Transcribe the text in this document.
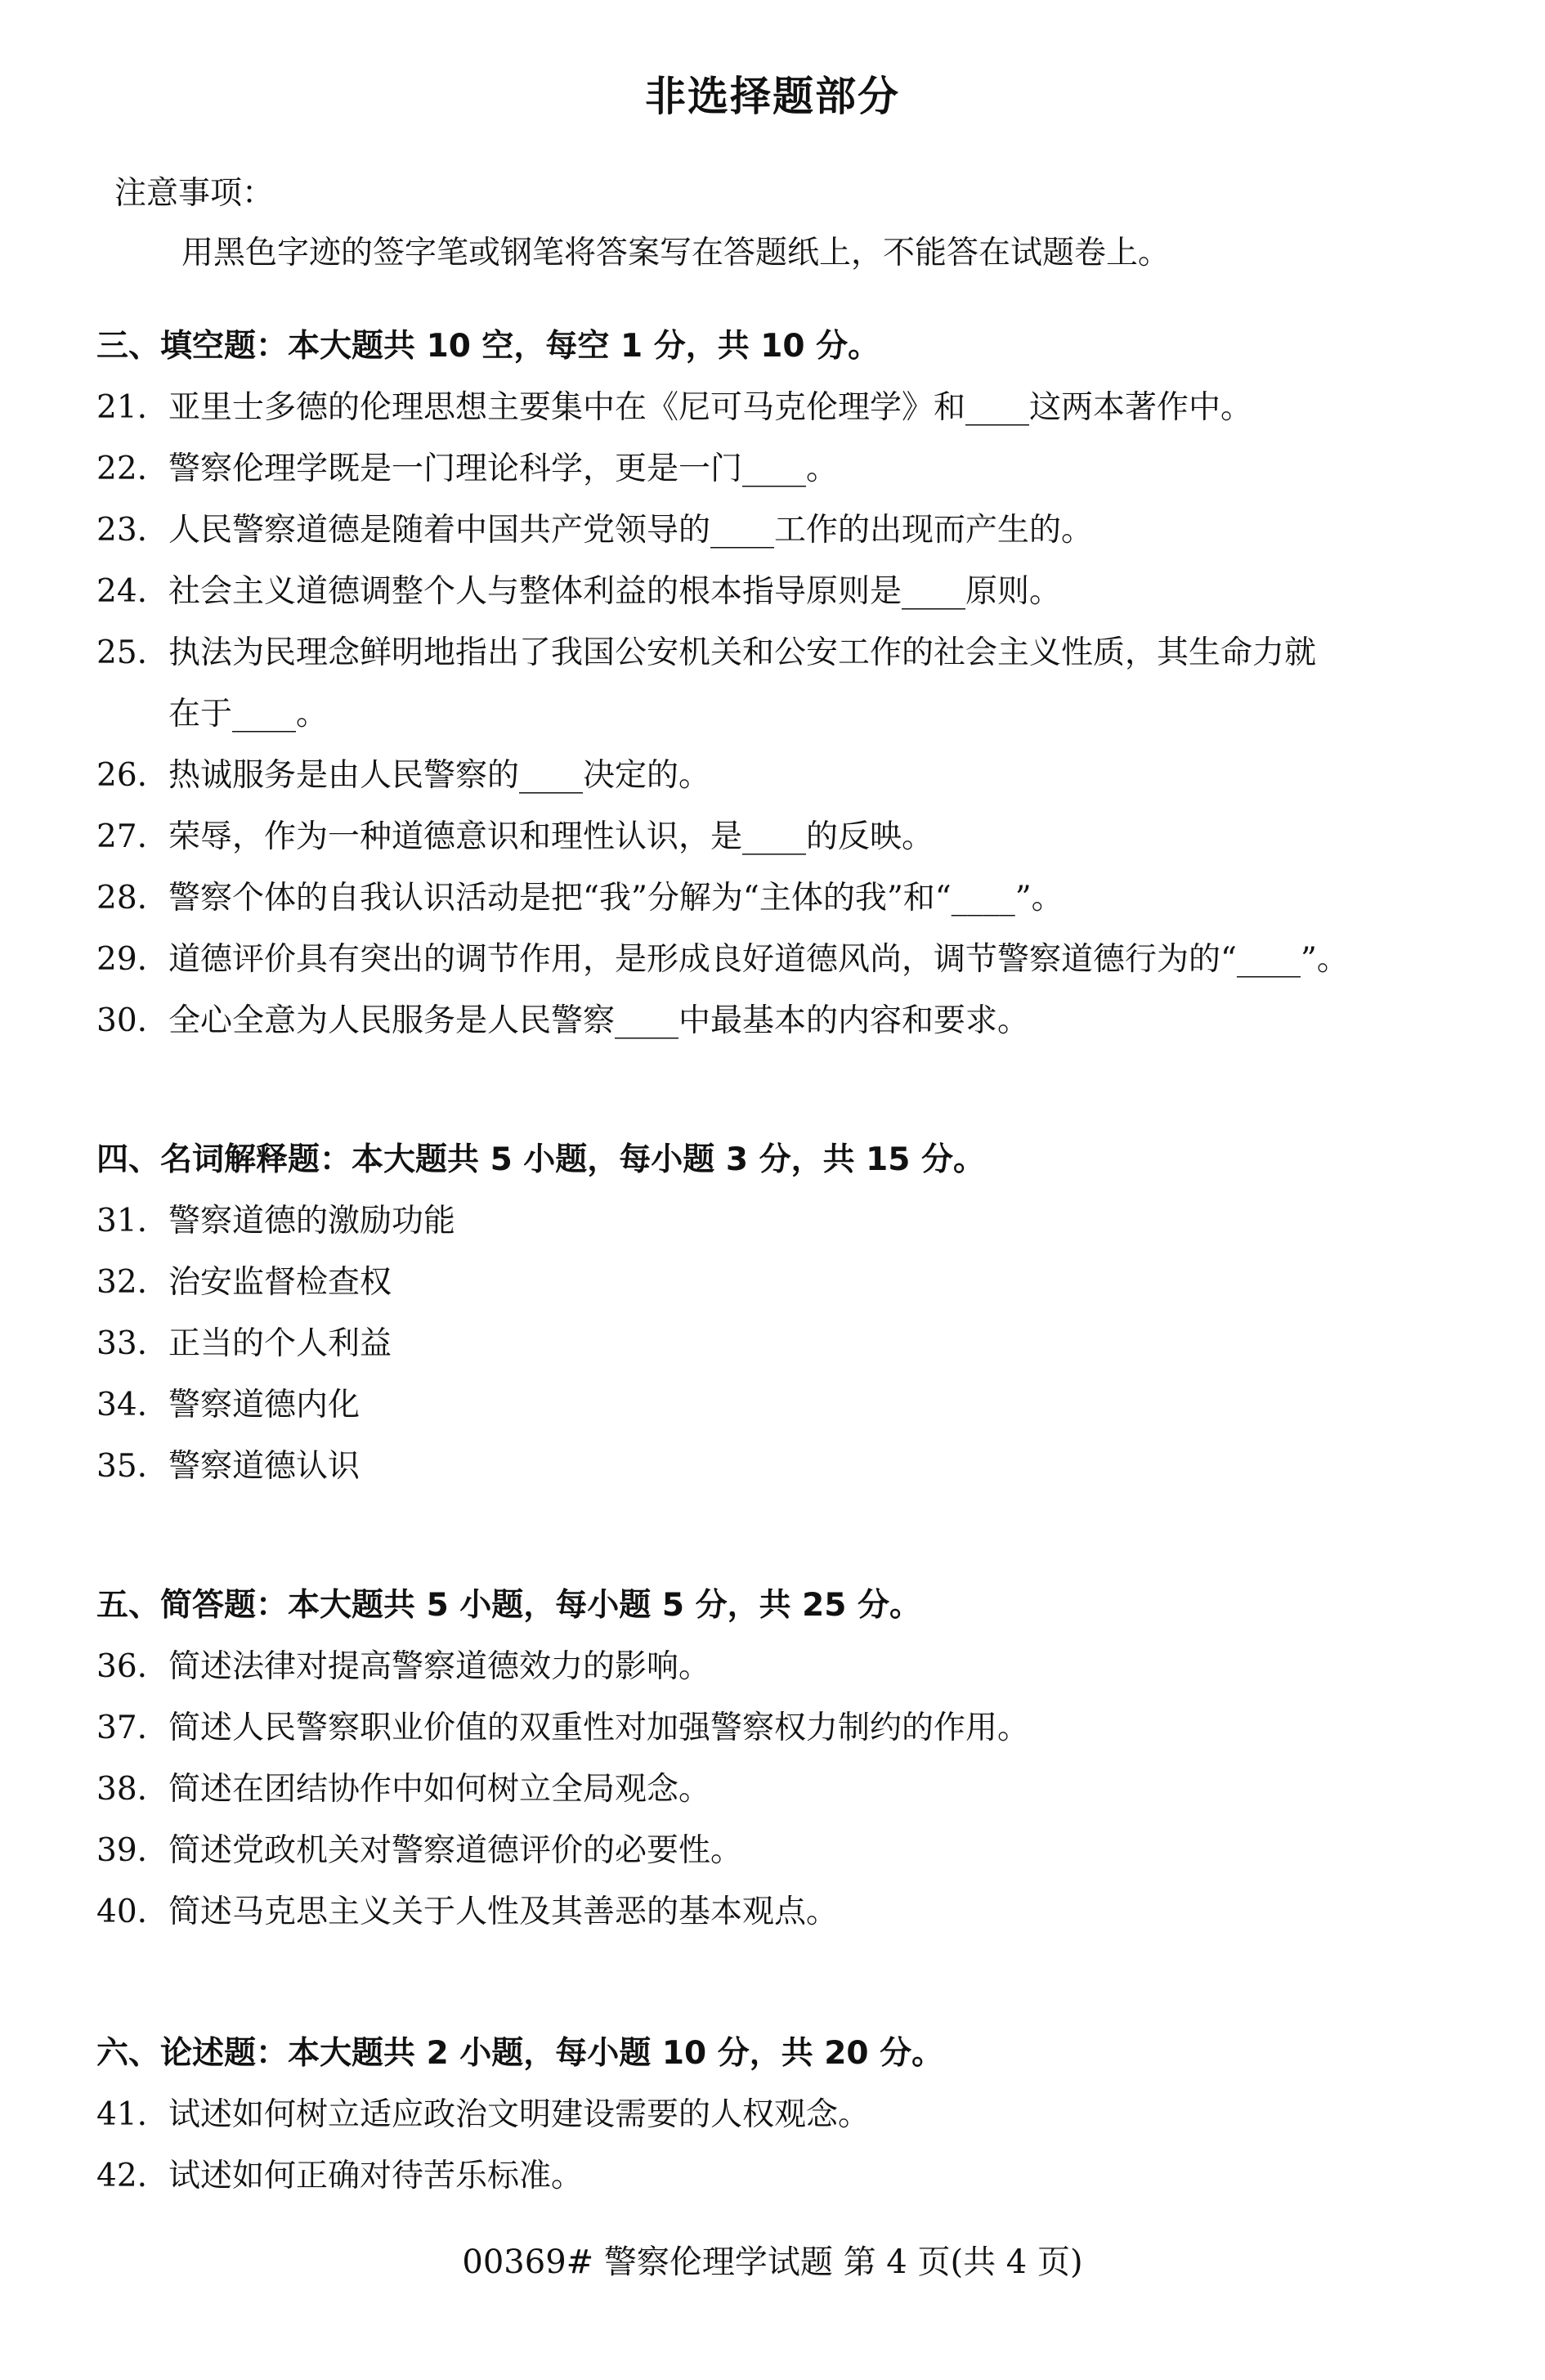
非选择题部分
注意事项：
用黑色字迹的签字笔或钢笔将答案写在答题纸上，不能答在试题卷上。
三、填空题：本大题共 10 空，每空 1 分，共 10 分。
21. 亚里士多德的伦理思想主要集中在《尼可马克伦理学》和____这两本著作中。
22. 警察伦理学既是一门理论科学，更是一门____。
23. 人民警察道德是随着中国共产党领导的____工作的出现而产生的。
24. 社会主义道德调整个人与整体利益的根本指导原则是____原则。
25. 执法为民理念鲜明地指出了我国公安机关和公安工作的社会主义性质，其生命力就
在于____。
26. 热诚服务是由人民警察的____决定的。
27. 荣辱，作为一种道德意识和理性认识，是____的反映。
28. 警察个体的自我认识活动是把“我”分解为“主体的我”和“____”。
29. 道德评价具有突出的调节作用，是形成良好道德风尚，调节警察道德行为的“____”。
30. 全心全意为人民服务是人民警察____中最基本的内容和要求。
四、名词解释题：本大题共 5 小题，每小题 3 分，共 15 分。
31. 警察道德的激励功能
32. 治安监督检查权
33. 正当的个人利益
34. 警察道德内化
35. 警察道德认识
五、简答题：本大题共 5 小题，每小题 5 分，共 25 分。
36. 简述法律对提高警察道德效力的影响。
37. 简述人民警察职业价值的双重性对加强警察权力制约的作用。
38. 简述在团结协作中如何树立全局观念。
39. 简述党政机关对警察道德评价的必要性。
40. 简述马克思主义关于人性及其善恶的基本观点。
六、论述题：本大题共 2 小题，每小题 10 分，共 20 分。
41. 试述如何树立适应政治文明建设需要的人权观念。
42. 试述如何正确对待苦乐标准。
00369# 警察伦理学试题 第 4 页(共 4 页)
